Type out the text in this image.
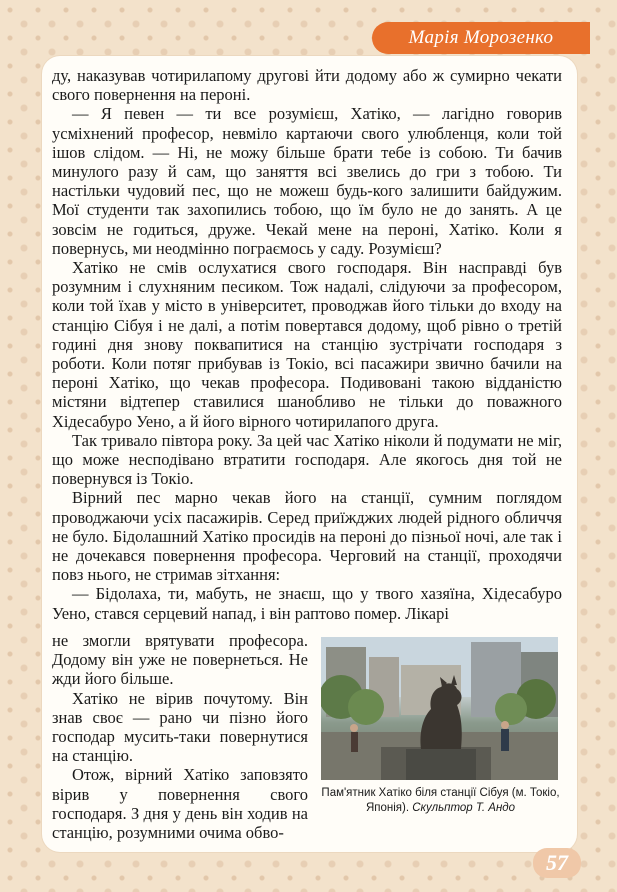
Марія Морозенко

ду, наказував чотирилапому другові йти додому або ж сумирно чекати свого повернення на пероні.

— Я певен — ти все розумієш, Хатіко, — лагідно говорив усміхнений професор, невміло картаючи свого улюбленця, коли той ішов слідом. — Ні, не можу більше брати тебе із собою. Ти бачив минулого разу й сам, що заняття всі звелись до гри з тобою. Ти настільки чудовий пес, що не можеш будь-кого залишити байдужим. Мої студенти так захопились тобою, що їм було не до занять. А це зовсім не годиться, друже. Чекай мене на пероні, Хатіко. Коли я повернусь, ми неодмінно пограємось у саду. Розумієш?

Хатіко не смів ослухатися свого господаря. Він насправді був розумним і слухняним песиком. Тож надалі, слідуючи за професором, коли той їхав у місто в університет, проводжав його тільки до входу на станцію Сібуя і не далі, а потім повертався додому, щоб рівно о третій годині дня знову поквапитися на станцію зустрічати господаря з роботи. Коли потяг прибував із Токіо, всі пасажири звично бачили на пероні Хатіко, що чекав професора. Подивовані такою відданістю містяни відтепер ставилися шанобливо не тільки до поважного Хідесабуро Уено, а й його вірного чотирилапого друга.

Так тривало півтора року. За цей час Хатіко ніколи й подумати не міг, що може несподівано втратити господаря. Але якогось дня той не повернувся із Токіо.

Вірний пес марно чекав його на станції, сумним поглядом проводжаючи усіх пасажирів. Серед приїжджих людей рідного обличчя не було. Бідолашний Хатіко просидів на пероні до пізньої ночі, але так і не дочекався повернення професора. Черговий на станції, проходячи повз нього, не стримав зітхання:

— Бідолаха, ти, мабуть, не знаєш, що у твого хазяїна, Хідесабуро Уено, стався серцевий напад, і він раптово помер. Лікарі

не змогли врятувати професора. Додому він уже не повернеться. Не жди його більше.

Хатіко не вірив почутому. Він знав своє — рано чи пізно його господар мусить-таки повернутися на станцію.

Отож, вірний Хатіко заповзято вірив у повернення свого господаря. З дня у день він ходив на станцію, розумними очима обво-

Пам'ятник Хатіко біля станції Сібуя (м. Токіо, Японія). Скульптор Т. Андо
57
